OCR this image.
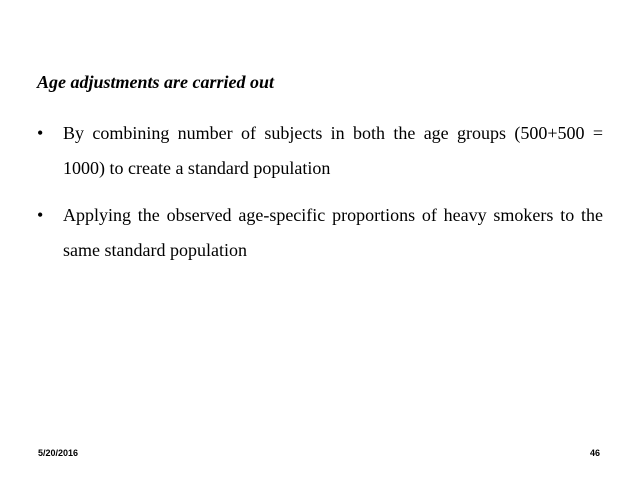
Age adjustments are carried out
• By combining number of subjects in both the age groups (500+500 = 1000) to create a standard population
• Applying the observed age-specific proportions of heavy smokers to the same standard population
5/20/2016	46
